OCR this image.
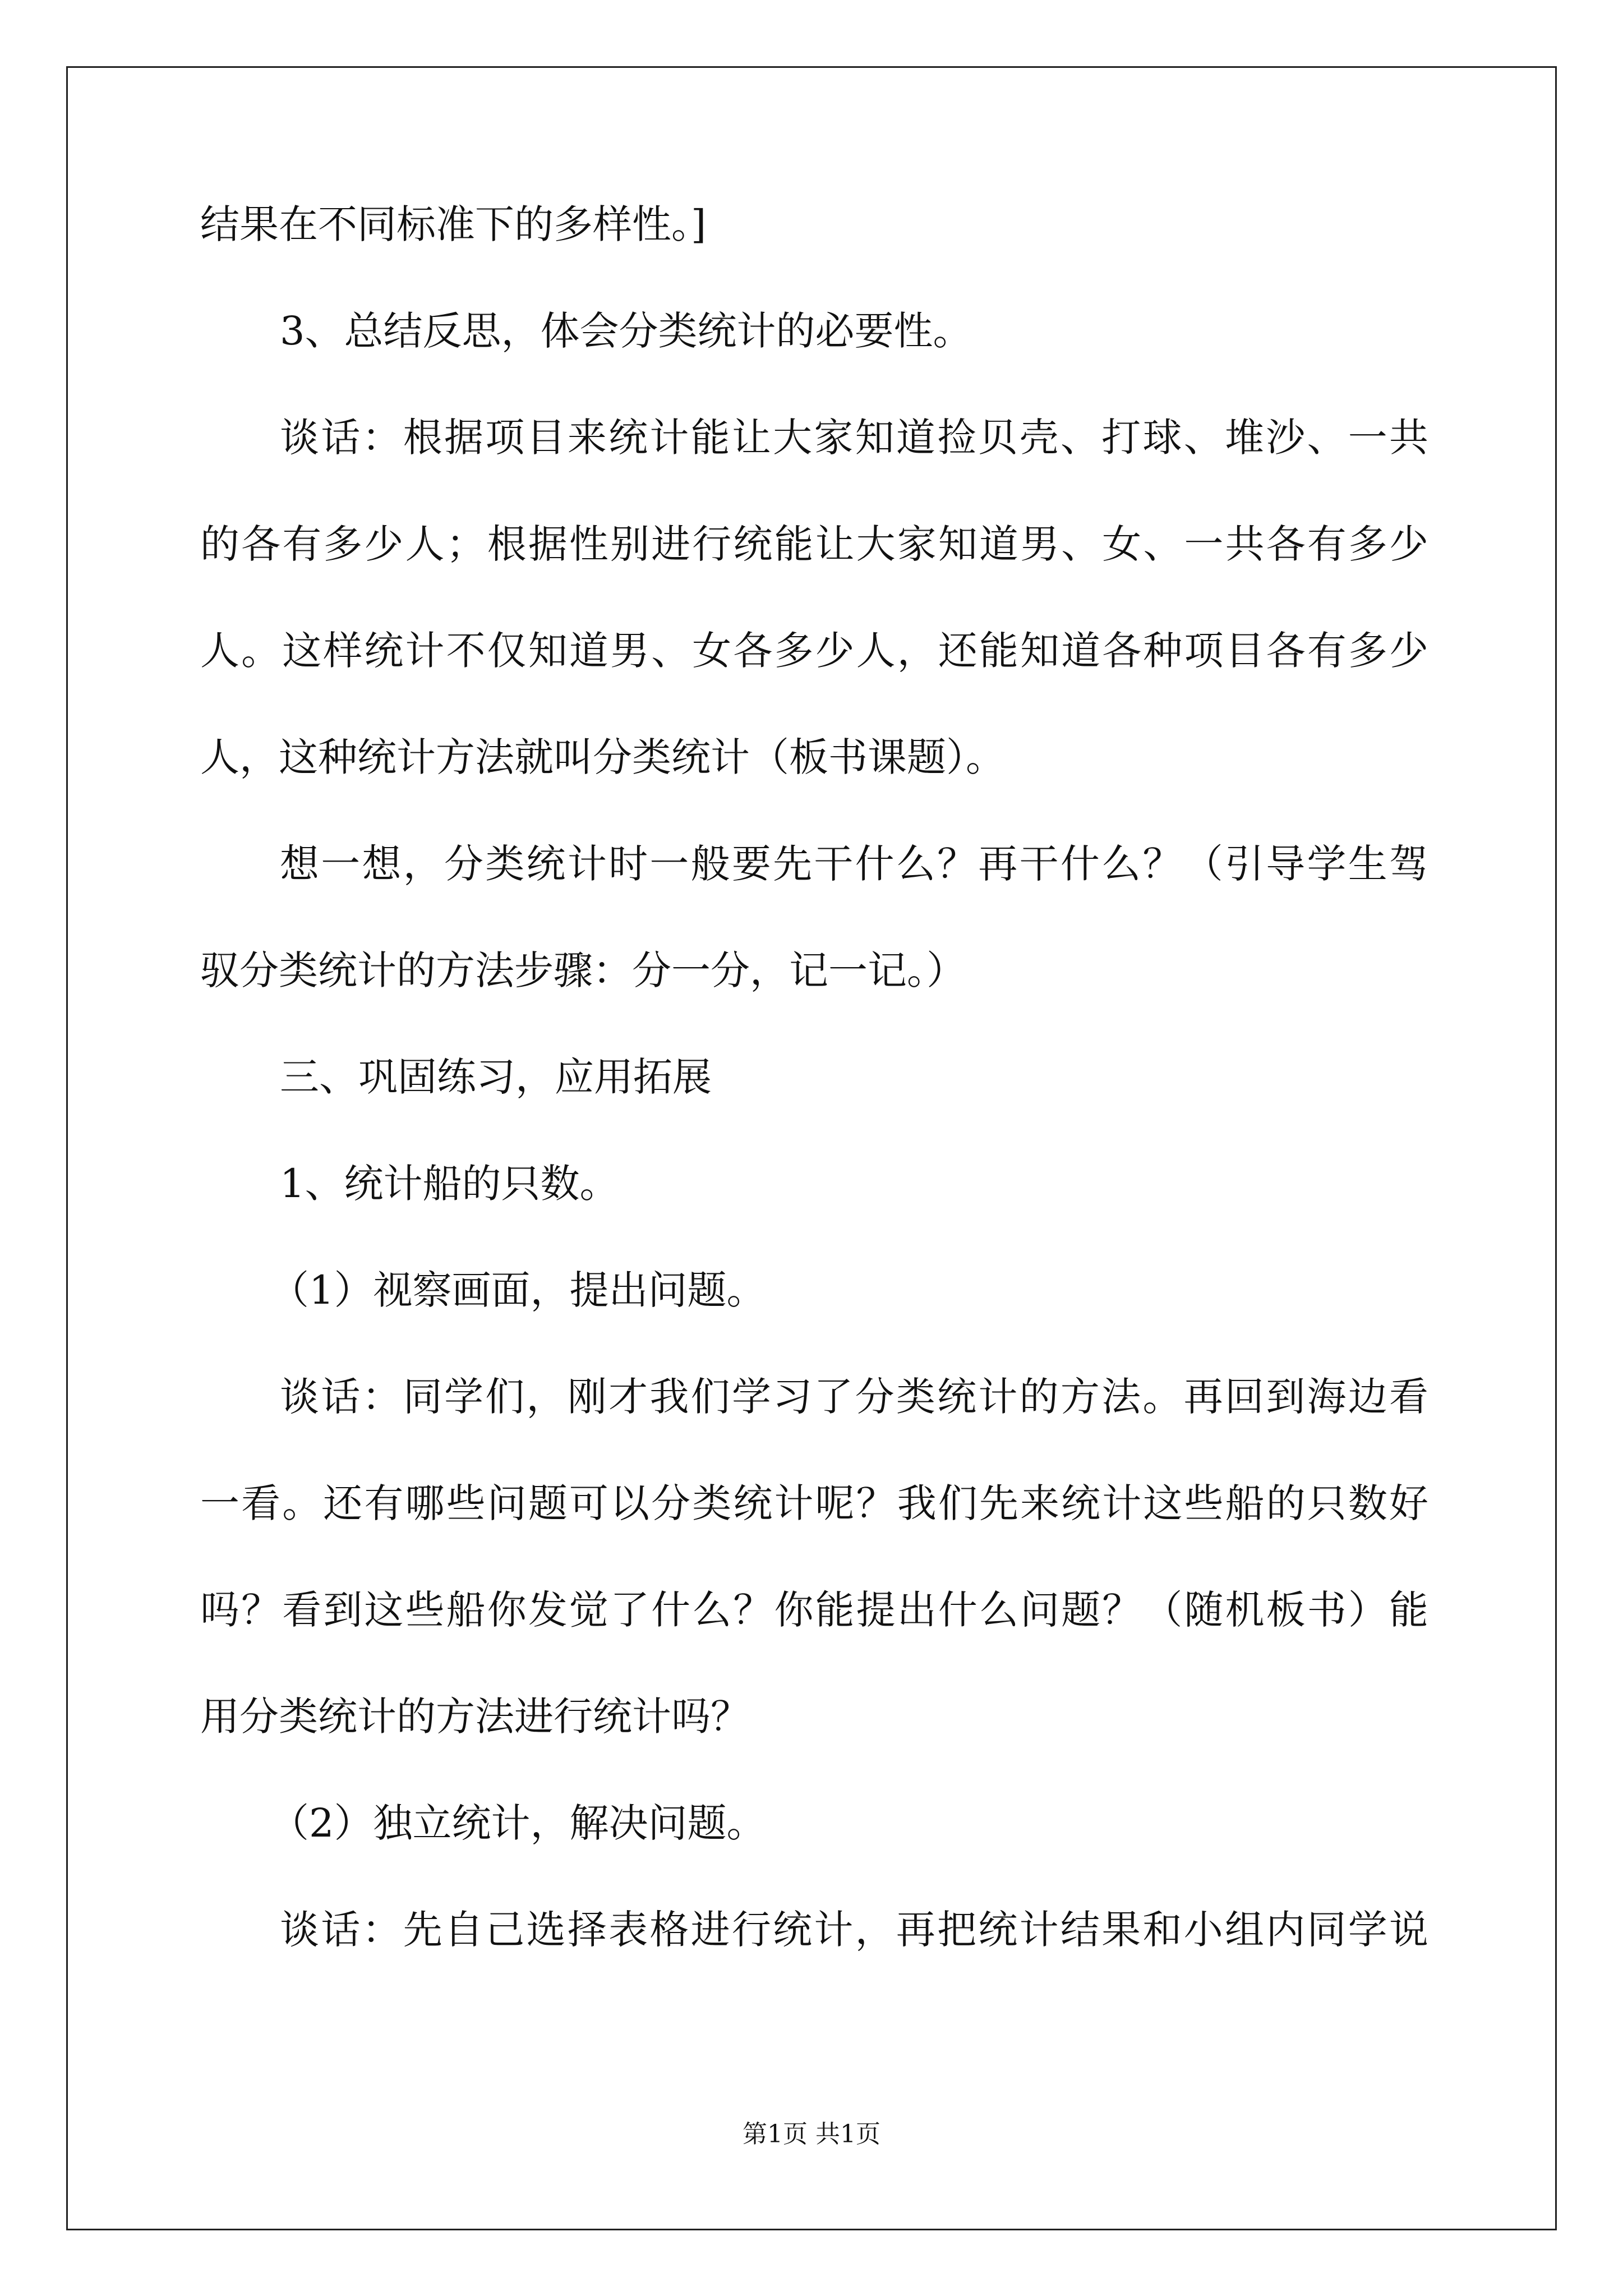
结果在不同标准下的多样性。]
3、总结反思，体会分类统计的必要性。
谈话：根据项目来统计能让大家知道捡贝壳、打球、堆沙、一共
的各有多少人；根据性别进行统能让大家知道男、女、一共各有多少
人。这样统计不仅知道男、女各多少人，还能知道各种项目各有多少
人，这种统计方法就叫分类统计（板书课题）。
想一想，分类统计时一般要先干什么？再干什么？（引导学生驾
驭分类统计的方法步骤：分一分，记一记。）
三、巩固练习，应用拓展
1、统计船的只数。
（1）视察画面，提出问题。
谈话：同学们，刚才我们学习了分类统计的方法。再回到海边看
一看。还有哪些问题可以分类统计呢？我们先来统计这些船的只数好
吗？看到这些船你发觉了什么？你能提出什么问题？（随机板书）能
用分类统计的方法进行统计吗？
（2）独立统计，解决问题。
谈话：先自己选择表格进行统计，再把统计结果和小组内同学说
第1页 共1页
